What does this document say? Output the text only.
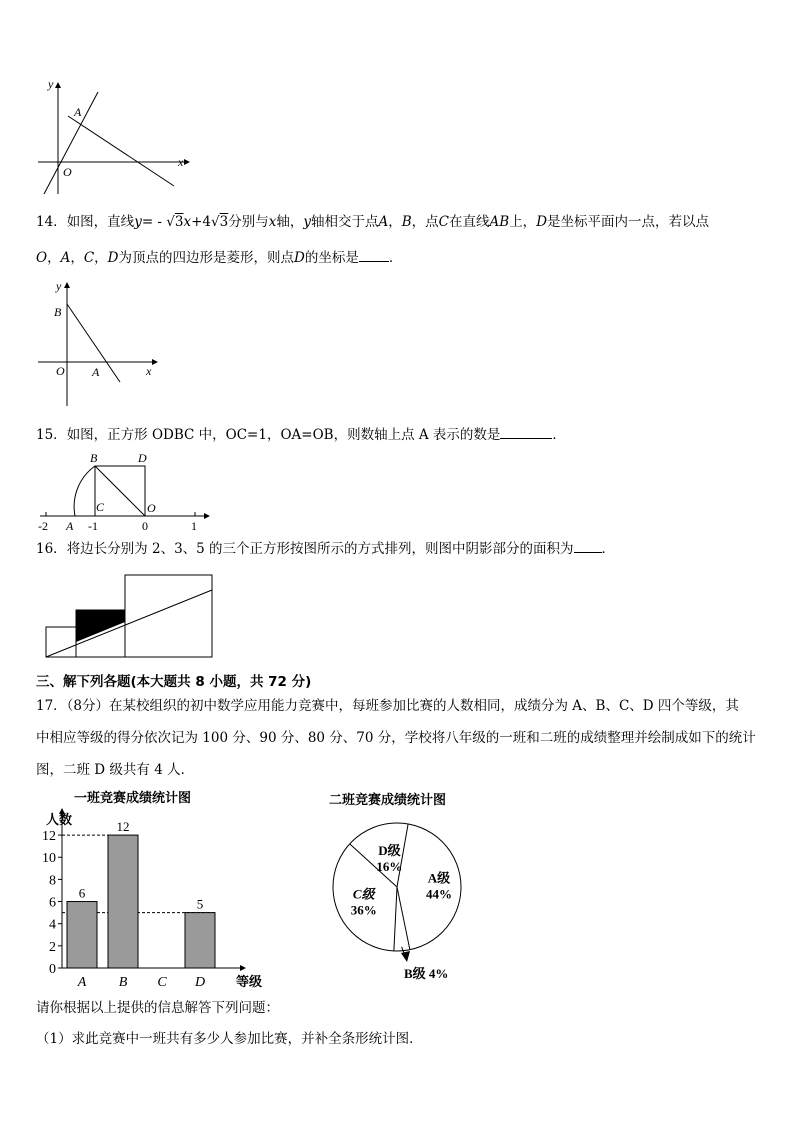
y
x
A
O
14．如图，直线y= - √3x+4√3分别与x轴，y轴相交于点A，B，点C在直线AB上，D是坐标平面内一点，若以点
O，A，C，D为顶点的四边形是菱形，则点D的坐标是 ．
y
x
B
A
O
15．如图，正方形 ODBC 中，OC=1，OA=OB，则数轴上点 A 表示的数是	．
B	D
C	O
A
-2	-1	0	1
16．将边长分别为 2、3、5 的三个正方形按图所示的方式排列，则图中阴影部分的面积为 ．
三、解下列各题(本大题共 8 小题，共 72 分)
17．（8分）在某校组织的初中数学应用能力竞赛中，每班参加比赛的人数相同，成绩分为 A、B、C、D 四个等级，其
中相应等级的得分依次记为 100 分、90 分、80 分、70 分，学校将八年级的一班和二班的成绩整理并绘制成如下的统计
图，二班 D 级共有 4 人．
一班竞赛成绩统计图
人数
等级
0
2
4
6
8
10
12
6
A
12
B C
5
D
二班竞赛成绩统计图
A级
44%
C级
36%
D级
16%
B级 4%
请你根据以上提供的信息解答下列问题：
（1）求此竞赛中一班共有多少人参加比赛，并补全条形统计图．
